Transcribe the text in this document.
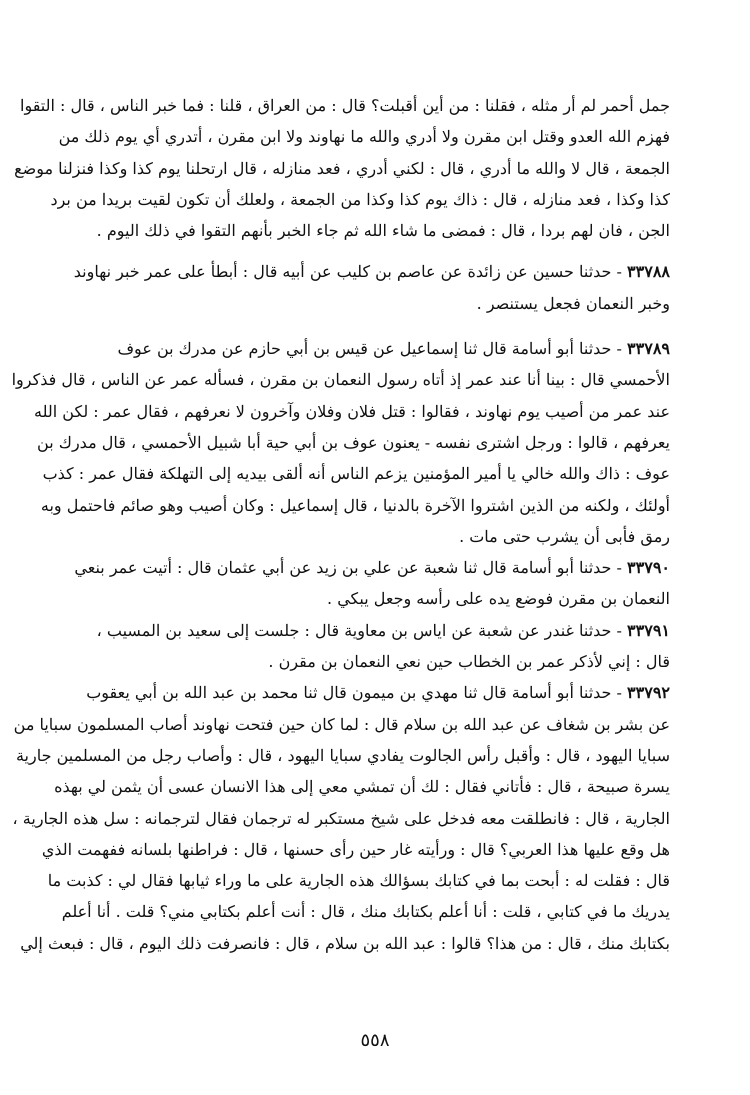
جمل أحمر لم أر مثله ، فقلنا : من أين أقبلت؟ قال : من العراق ، قلنا : فما خبر الناس ، قال : التقوا
فهزم الله العدو وقتل ابن مقرن ولا أدري والله ما نهاوند ولا ابن مقرن ، أتدري أي يوم ذلك من
الجمعة ، قال لا والله ما أدري ، قال : لكني أدري ، فعد منازله ، قال ارتحلنا يوم كذا وكذا فنزلنا موضع
كذا وكذا ، فعد منازله ، قال : ذاك يوم كذا وكذا من الجمعة ، ولعلك أن تكون لقيت بريدا من برد
الجن ، فان لهم بردا ، قال : فمضى ما شاء الله ثم جاء الخبر بأنهم التقوا في ذلك اليوم .
٣٣٧٨٨ - حدثنا حسين عن زائدة عن عاصم بن كليب عن أبيه قال : أبطأ على عمر خبر نهاوند
وخبر النعمان فجعل يستنصر .
٣٣٧٨٩ - حدثنا أبو أسامة قال ثنا إسماعيل عن قيس بن أبي حازم عن مدرك بن عوف
الأحمسي قال : بينا أنا عند عمر إذ أتاه رسول النعمان بن مقرن ، فسأله عمر عن الناس ، قال فذكروا
عند عمر من أصيب يوم نهاوند ، فقالوا : قتل فلان وفلان وآخرون لا نعرفهم ، فقال عمر : لكن الله
يعرفهم ، قالوا : ورجل اشترى نفسه - يعنون عوف بن أبي حية أبا شبيل الأحمسي ، قال مدرك بن
عوف : ذاك والله خالي يا أمير المؤمنين يزعم الناس أنه ألقى بيديه إلى التهلكة فقال عمر : كذب
أولئك ، ولكنه من الذين اشتروا الآخرة بالدنيا ، قال إسماعيل : وكان أصيب وهو صائم فاحتمل وبه
رمق فأبى أن يشرب حتى مات .
٣٣٧٩٠ - حدثنا أبو أسامة قال ثنا شعبة عن علي بن زيد عن أبي عثمان قال : أتيت عمر بنعي
النعمان بن مقرن فوضع يده على رأسه وجعل يبكي .
٣٣٧٩١ - حدثنا غندر عن شعبة عن اياس بن معاوية قال : جلست إلى سعيد بن المسيب ،
قال : إني لأذكر عمر بن الخطاب حين نعي النعمان بن مقرن .
٣٣٧٩٢ - حدثنا أبو أسامة قال ثنا مهدي بن ميمون قال ثنا محمد بن عبد الله بن أبي يعقوب
عن بشر بن شغاف عن عبد الله بن سلام قال : لما كان حين فتحت نهاوند أصاب المسلمون سبايا من
سبايا اليهود ، قال : وأقبل رأس الجالوت يفادي سبايا اليهود ، قال : وأصاب رجل من المسلمين جارية
يسرة صبيحة ، قال : فأتاني فقال : لك أن تمشي معي إلى هذا الانسان عسى أن يثمن لي بهذه
الجارية ، قال : فانطلقت معه فدخل على شيخ مستكبر له ترجمان فقال لترجمانه : سل هذه الجارية ،
هل وقع عليها هذا العربي؟ قال : ورأيته غار حين رأى حسنها ، قال : فراطنها بلسانه ففهمت الذي
قال : فقلت له : أبحت بما في كتابك بسؤالك هذه الجارية على ما وراء ثيابها فقال لي : كذبت ما
يدريك ما في كتابي ، قلت : أنا أعلم بكتابك منك ، قال : أنت أعلم بكتابي مني؟ قلت . أنا أعلم
بكتابك منك ، قال : من هذا؟ قالوا : عبد الله بن سلام ، قال : فانصرفت ذلك اليوم ، قال : فبعث إلي
٥٥٨
